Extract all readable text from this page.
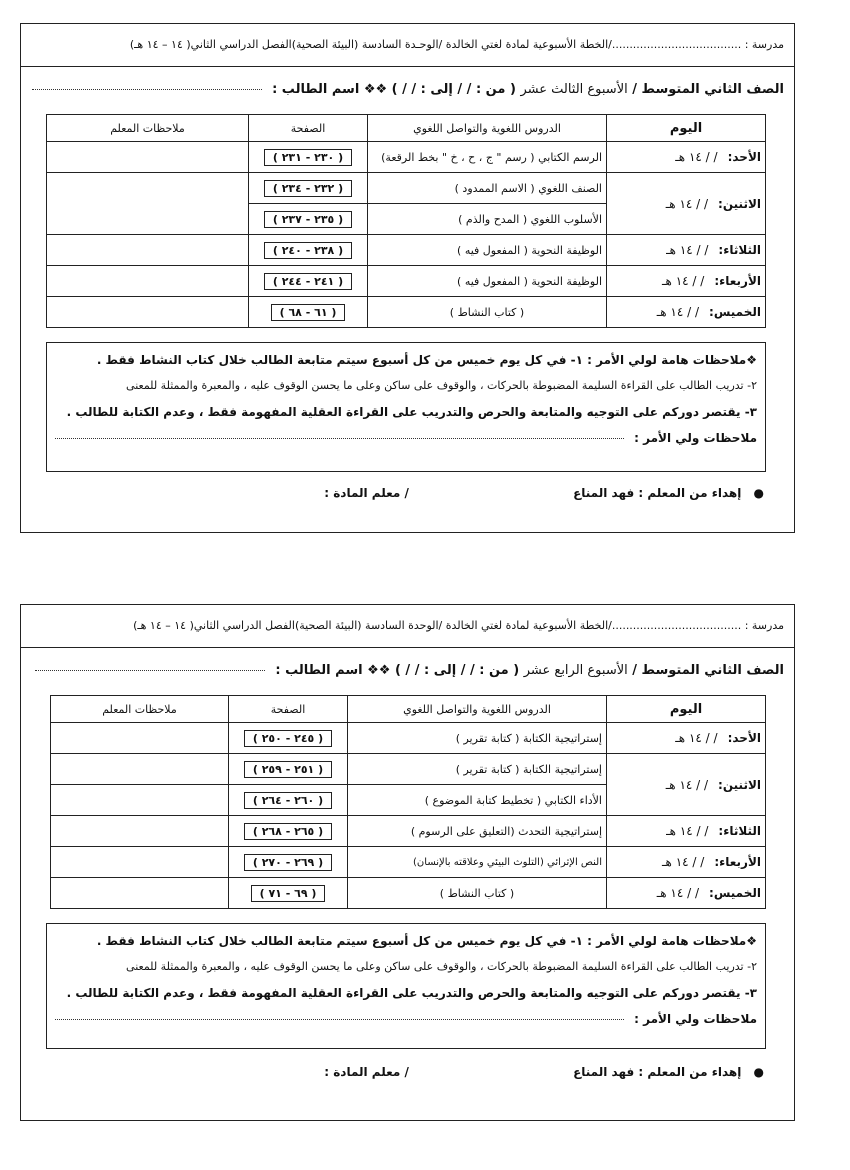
مدرسة : ...................................../الخطة الأسبوعية لمادة لغتي الخالدة /الوحـدة السادسة (البيئة الصحية)الفصل الدراسي الثاني( ١٤ – ١٤ هـ)
الصف الثاني المتوسط / الأسبوع الثالث عشر ( من : / / إلى : / / ) ❖❖ اسم الطالب :
اليوم	الدروس اللغوية والتواصل اللغوي	الصفحة	ملاحظات المعلم
الأحد:/ / ١٤ هـ	الرسم الكتابي ( رسم " ج ، ح ، خ " بخط الرقعة)	( ٢٣٠ - ٢٣١ )	
الاثنين:/ / ١٤ هـ	الصنف اللغوي ( الاسم الممدود )	( ٢٣٢ - ٢٣٤ )	
	الأسلوب اللغوي ( المدح والذم )	( ٢٣٥ - ٢٣٧ )	
الثلاثاء:/ / ١٤ هـ	الوظيفة النحوية ( المفعول فيه )	( ٢٣٨ - ٢٤٠ )	
الأربعاء:/ / ١٤ هـ	الوظيفة النحوية ( المفعول فيه )	( ٢٤١ - ٢٤٤ )	
الخميس:/ / ١٤ هـ	( كتاب النشاط )	( ٦١ - ٦٨ )	
❖ملاحظات هامة لولي الأمر : ١- في كل يوم خميس من كل أسبوع سيتم متابعة الطالب خلال كتاب النشاط فقط .
٢- تدريب الطالب على القراءة السليمة المضبوطة بالحركات ، والوقوف على ساكن وعلى ما يحسن الوقوف عليه ، والمعبرة والممثلة للمعنى
٣- يقتصر دوركم على التوجيه والمتابعة والحرص والتدريب على القراءة العقلية المفهومة فقط ، وعدم الكتابة للطالب .
ملاحظات ولي الأمر :
● إهداء من المعلم : فهد المناع / معلم المادة :
مدرسة : ...................................../الخطة الأسبوعية لمادة لغتي الخالدة /الوحدة السادسة (البيئة الصحية)الفصل الدراسي الثاني( ١٤ – ١٤ هـ)
الصف الثاني المتوسط / الأسبوع الرابع عشر ( من : / / إلى : / / ) ❖❖ اسم الطالب :
اليوم	الدروس اللغوية والتواصل اللغوي	الصفحة	ملاحظات المعلم
الأحد:/ / ١٤ هـ	إستراتيجية الكتابة ( كتابة تقرير )	( ٢٤٥ - ٢٥٠ )	
الاثنين:/ / ١٤ هـ	إستراتيجية الكتابة ( كتابة تقرير )	( ٢٥١ - ٢٥٩ )	
	الأداء الكتابي ( تخطيط كتابة الموضوع )	( ٢٦٠ - ٢٦٤ )	
الثلاثاء:/ / ١٤ هـ	إستراتيجية التحدث (التعليق على الرسوم )	( ٢٦٥ - ٢٦٨ )	
الأربعاء:/ / ١٤ هـ	النص الإثرائي (التلوث البيئي وعلاقته بالإنسان)	( ٢٦٩ - ٢٧٠ )	
الخميس:/ / ١٤ هـ	( كتاب النشاط )	( ٦٩ - ٧١ )	
❖ملاحظات هامة لولي الأمر : ١- في كل يوم خميس من كل أسبوع سيتم متابعة الطالب خلال كتاب النشاط فقط .
٢- تدريب الطالب على القراءة السليمة المضبوطة بالحركات ، والوقوف على ساكن وعلى ما يحسن الوقوف عليه ، والمعبرة والممثلة للمعنى
٣- يقتصر دوركم على التوجيه والمتابعة والحرص والتدريب على القراءة العقلية المفهومة فقط ، وعدم الكتابة للطالب .
ملاحظات ولي الأمر :
● إهداء من المعلم : فهد المناع / معلم المادة :
